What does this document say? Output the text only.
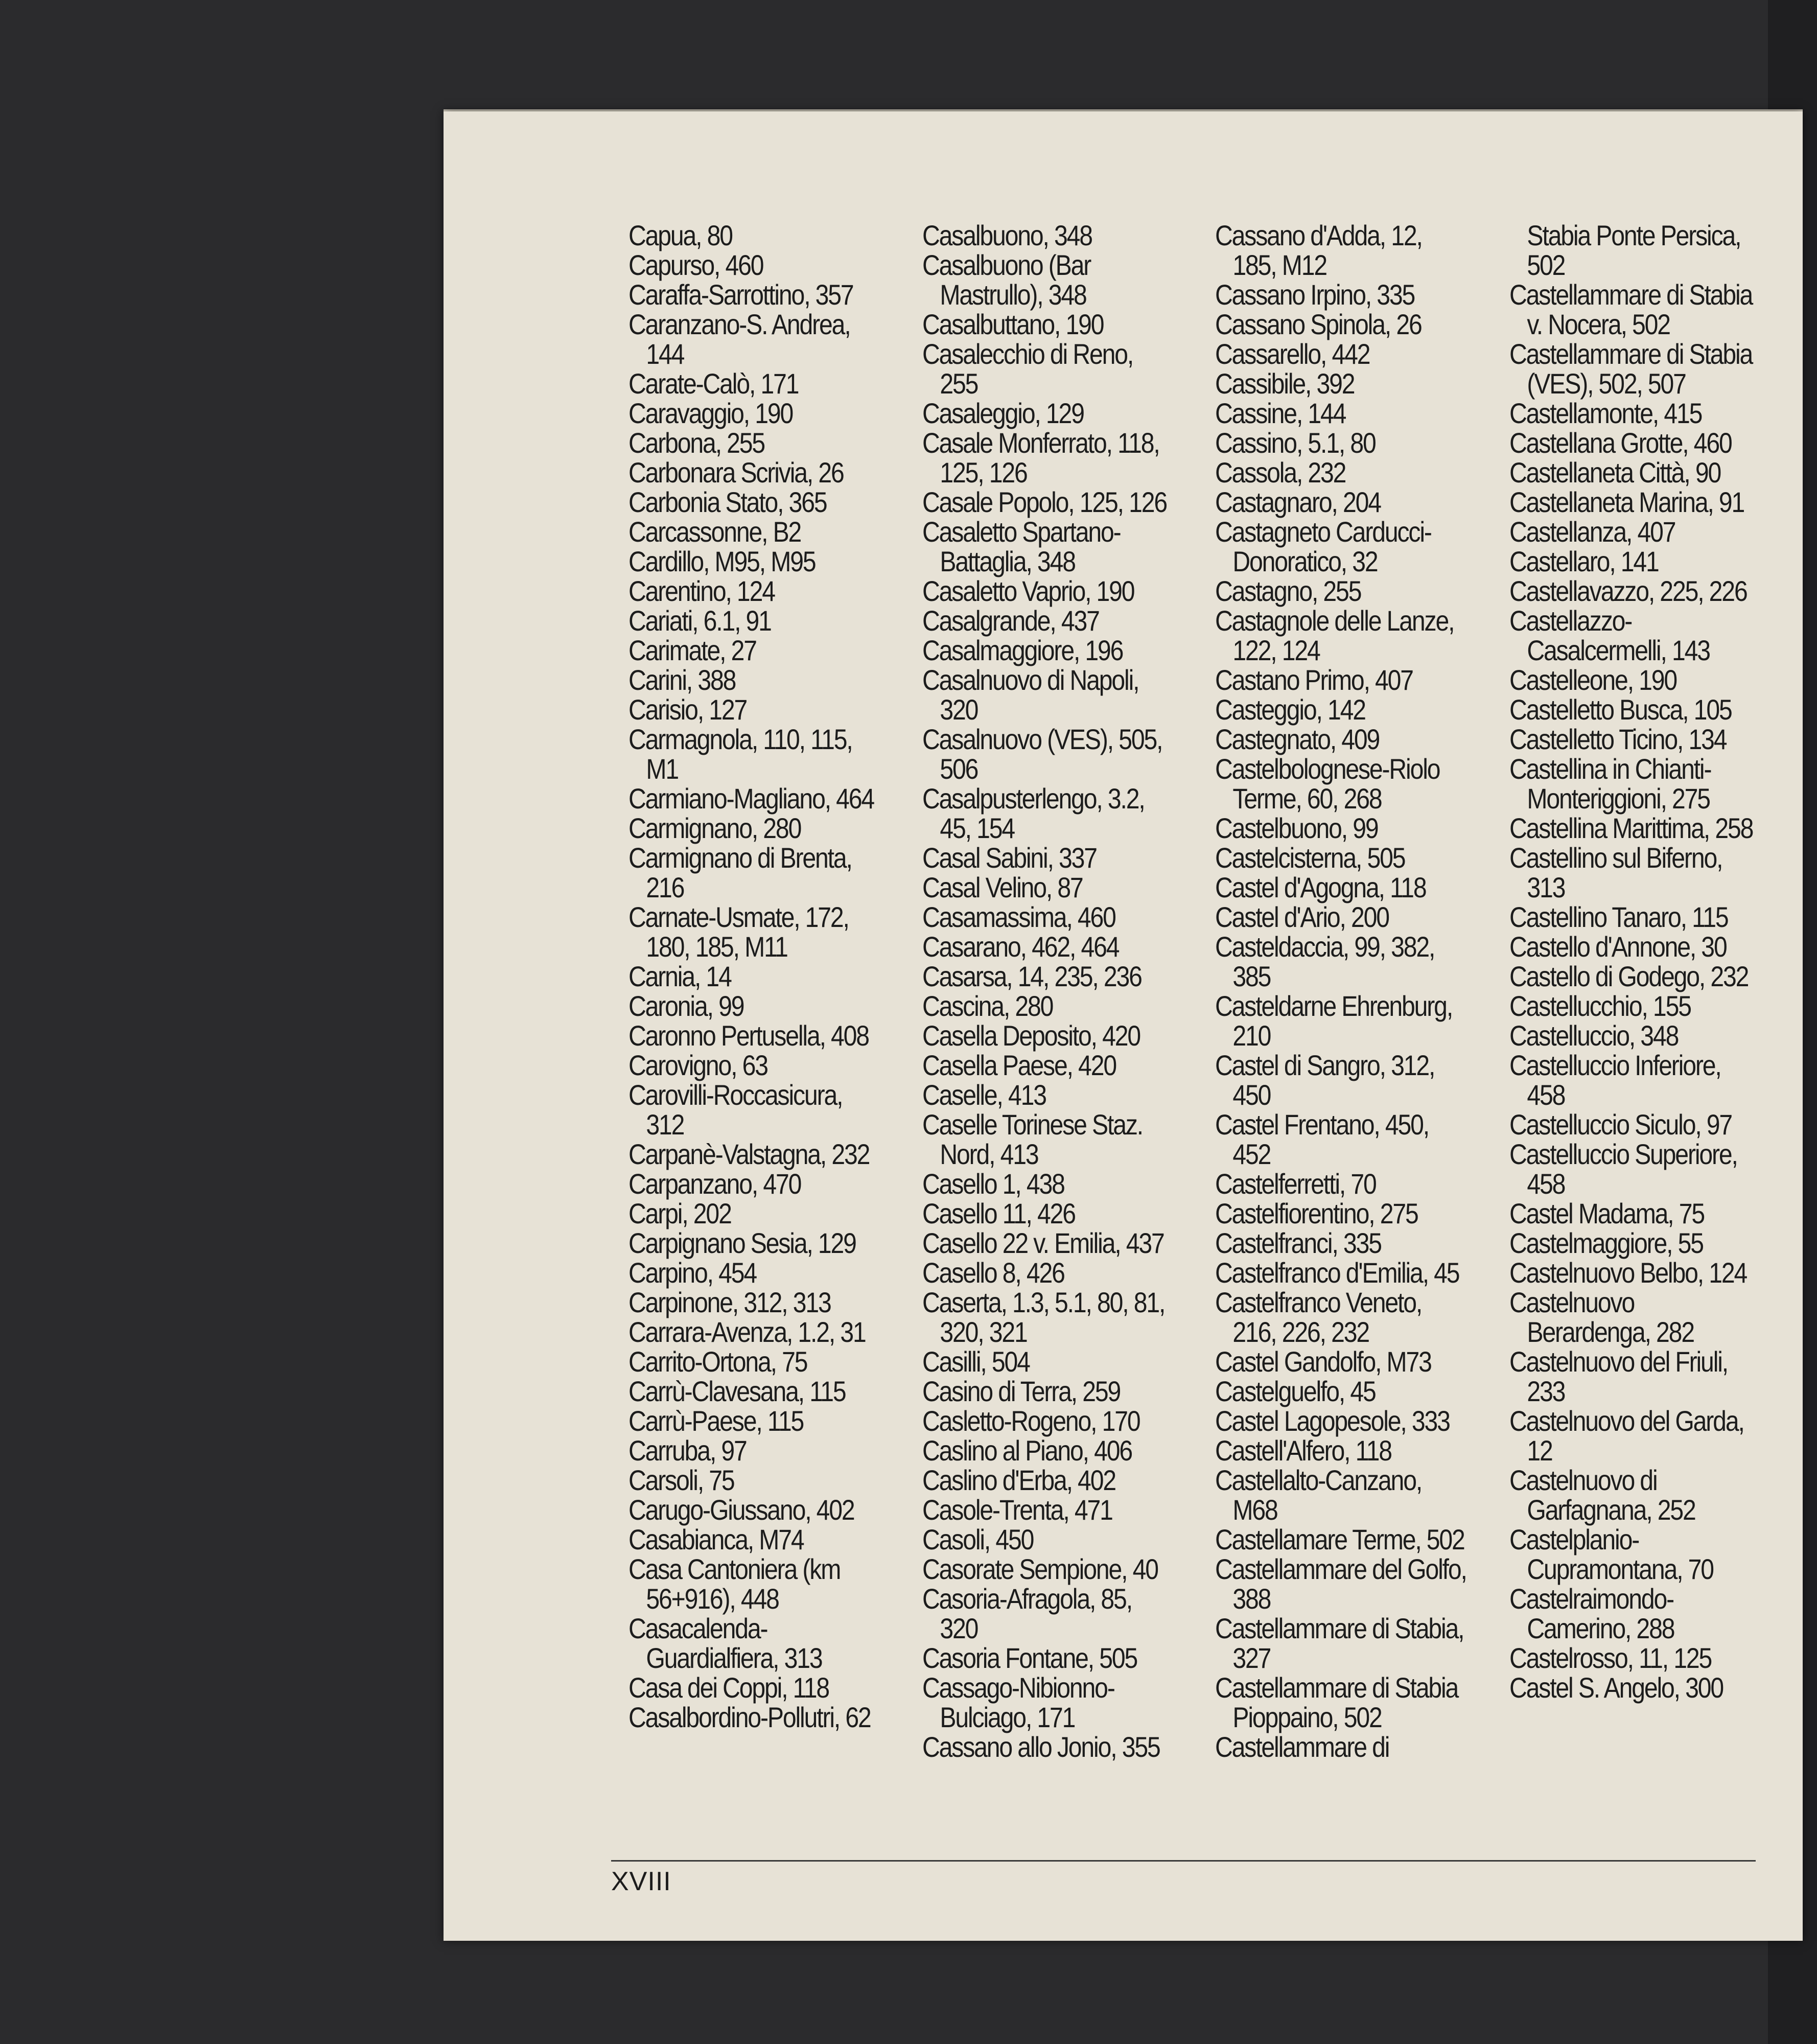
Capua, 80
Capurso, 460
Caraffa-Sarrottino, 357
Caranzano-S. Andrea, 144
Carate-Calò, 171
Caravaggio, 190
Carbona, 255
Carbonara Scrivia, 26
Carbonia Stato, 365
Carcassonne, B2
Cardillo, M95, M95
Carentino, 124
Cariati, 6.1, 91
Carimate, 27
Carini, 388
Carisio, 127
Carmagnola, 110, 115, M1
Carmiano-Magliano, 464
Carmignano, 280
Carmignano di Brenta, 216
Carnate-Usmate, 172, 180, 185, M11
Carnia, 14
Caronia, 99
Caronno Pertusella, 408
Carovigno, 63
Carovilli-Roccasicura, 312
Carpanè-Valstagna, 232
Carpanzano, 470
Carpi, 202
Carpignano Sesia, 129
Carpino, 454
Carpinone, 312, 313
Carrara-Avenza, 1.2, 31
Carrito-Ortona, 75
Carrù-Clavesana, 115
Carrù-Paese, 115
Carruba, 97
Carsoli, 75
Carugo-Giussano, 402
Casabianca, M74
Casa Cantoniera (km 56+916), 448
Casacalenda-Guardialfiera, 313
Casa dei Coppi, 118
Casalbordino-Pollutri, 62
Casalbuono, 348
Casalbuono (Bar Mastrullo), 348
Casalbuttano, 190
Casalecchio di Reno, 255
Casaleggio, 129
Casale Monferrato, 118, 125, 126
Casale Popolo, 125, 126
Casaletto Spartano-Battaglia, 348
Casaletto Vaprio, 190
Casalgrande, 437
Casalmaggiore, 196
Casalnuovo di Napoli, 320
Casalnuovo (VES), 505, 506
Casalpusterlengo, 3.2, 45, 154
Casal Sabini, 337
Casal Velino, 87
Casamassima, 460
Casarano, 462, 464
Casarsa, 14, 235, 236
Cascina, 280
Casella Deposito, 420
Casella Paese, 420
Caselle, 413
Caselle Torinese Staz. Nord, 413
Casello 1, 438
Casello 11, 426
Casello 22 v. Emilia, 437
Casello 8, 426
Caserta, 1.3, 5.1, 80, 81, 320, 321
Casilli, 504
Casino di Terra, 259
Casletto-Rogeno, 170
Caslino al Piano, 406
Caslino d'Erba, 402
Casole-Trenta, 471
Casoli, 450
Casorate Sempione, 40
Casoria-Afragola, 85, 320
Casoria Fontane, 505
Cassago-Nibionno-Bulciago, 171
Cassano allo Jonio, 355
Cassano d'Adda, 12, 185, M12
Cassano Irpino, 335
Cassano Spinola, 26
Cassarello, 442
Cassibile, 392
Cassine, 144
Cassino, 5.1, 80
Cassola, 232
Castagnaro, 204
Castagneto Carducci-Donoratico, 32
Castagno, 255
Castagnole delle Lanze, 122, 124
Castano Primo, 407
Casteggio, 142
Castegnato, 409
Castelbolognese-Riolo Terme, 60, 268
Castelbuono, 99
Castelcisterna, 505
Castel d'Agogna, 118
Castel d'Ario, 200
Casteldaccia, 99, 382, 385
Casteldarne Ehrenburg, 210
Castel di Sangro, 312, 450
Castel Frentano, 450, 452
Castelferretti, 70
Castelfiorentino, 275
Castelfranci, 335
Castelfranco d'Emilia, 45
Castelfranco Veneto, 216, 226, 232
Castel Gandolfo, M73
Castelguelfo, 45
Castel Lagopesole, 333
Castell'Alfero, 118
Castellalto-Canzano, M68
Castellamare Terme, 502
Castellammare del Golfo, 388
Castellammare di Stabia, 327
Castellammare di Stabia Pioppaino, 502
Castellammare di
Stabia Ponte Persica, 502
Castellammare di Stabia v. Nocera, 502
Castellammare di Stabia (VES), 502, 507
Castellamonte, 415
Castellana Grotte, 460
Castellaneta Città, 90
Castellaneta Marina, 91
Castellanza, 407
Castellaro, 141
Castellavazzo, 225, 226
Castellazzo-Casalcermelli, 143
Castelleone, 190
Castelletto Busca, 105
Castelletto Ticino, 134
Castellina in Chianti-Monteriggioni, 275
Castellina Marittima, 258
Castellino sul Biferno, 313
Castellino Tanaro, 115
Castello d'Annone, 30
Castello di Godego, 232
Castellucchio, 155
Castelluccio, 348
Castelluccio Inferiore, 458
Castelluccio Siculo, 97
Castelluccio Superiore, 458
Castel Madama, 75
Castelmaggiore, 55
Castelnuovo Belbo, 124
Castelnuovo Berardenga, 282
Castelnuovo del Friuli, 233
Castelnuovo del Garda, 12
Castelnuovo di Garfagnana, 252
Castelplanio-Cupramontana, 70
Castelraimondo-Camerino, 288
Castelrosso, 11, 125
Castel S. Angelo, 300
XVIII
